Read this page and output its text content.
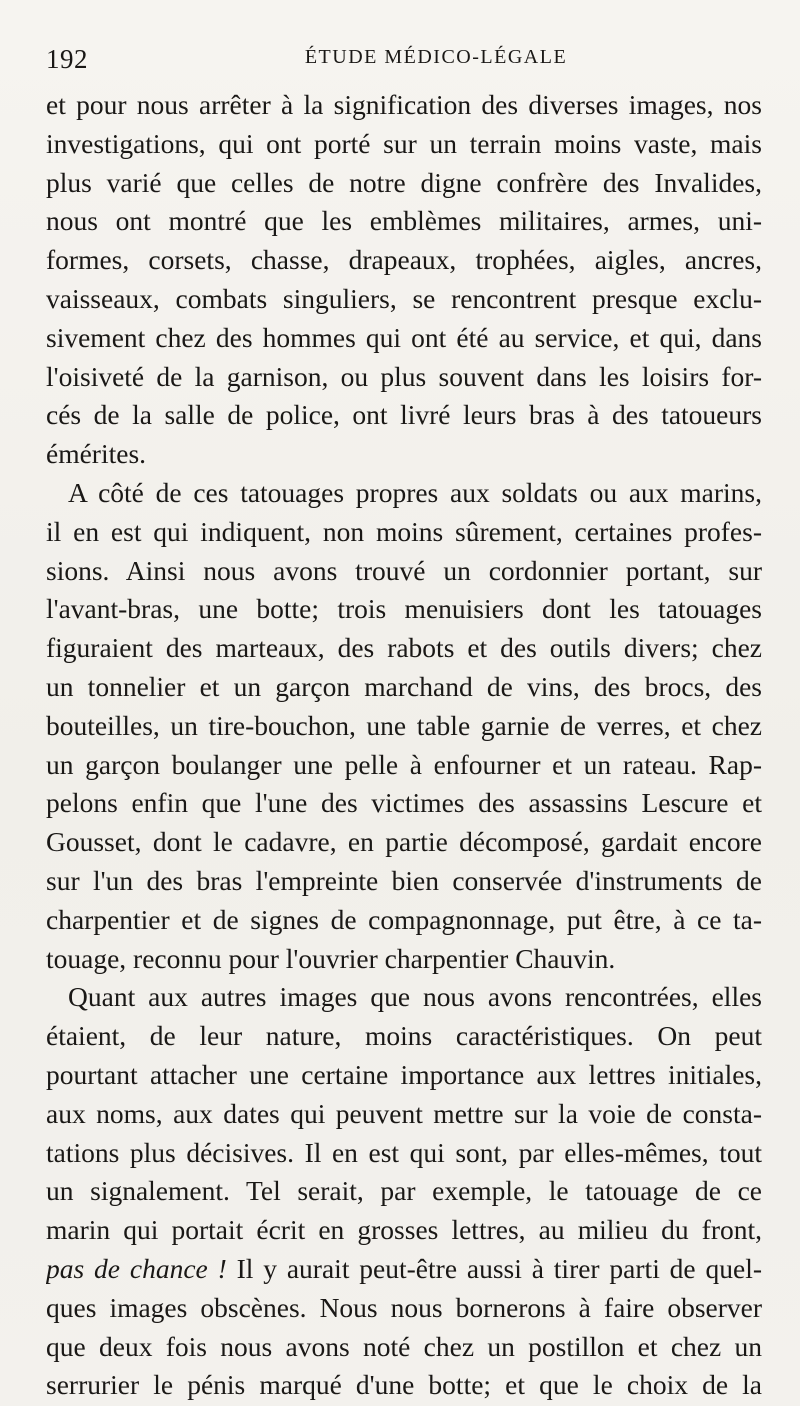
192	ÉTUDE MÉDICO-LÉGALE
et pour nous arrêter à la signification des diverses images, nos
investigations, qui ont porté sur un terrain moins vaste, mais
plus varié que celles de notre digne confrère des Invalides,
nous ont montré que les emblèmes militaires, armes, uni-
formes, corsets, chasse, drapeaux, trophées, aigles, ancres,
vaisseaux, combats singuliers, se rencontrent presque exclu-
sivement chez des hommes qui ont été au service, et qui, dans
l'oisiveté de la garnison, ou plus souvent dans les loisirs for-
cés de la salle de police, ont livré leurs bras à des tatoueurs
émérites.
A côté de ces tatouages propres aux soldats ou aux marins,
il en est qui indiquent, non moins sûrement, certaines profes-
sions. Ainsi nous avons trouvé un cordonnier portant, sur
l'avant-bras, une botte; trois menuisiers dont les tatouages
figuraient des marteaux, des rabots et des outils divers; chez
un tonnelier et un garçon marchand de vins, des brocs, des
bouteilles, un tire-bouchon, une table garnie de verres, et chez
un garçon boulanger une pelle à enfourner et un rateau. Rap-
pelons enfin que l'une des victimes des assassins Lescure et
Gousset, dont le cadavre, en partie décomposé, gardait encore
sur l'un des bras l'empreinte bien conservée d'instruments de
charpentier et de signes de compagnonnage, put être, à ce ta-
touage, reconnu pour l'ouvrier charpentier Chauvin.
Quant aux autres images que nous avons rencontrées, elles
étaient, de leur nature, moins caractéristiques. On peut
pourtant attacher une certaine importance aux lettres initiales,
aux noms, aux dates qui peuvent mettre sur la voie de consta-
tations plus décisives. Il en est qui sont, par elles-mêmes, tout
un signalement. Tel serait, par exemple, le tatouage de ce
marin qui portait écrit en grosses lettres, au milieu du front,
pas de chance ! Il y aurait peut-être aussi à tirer parti de quel-
ques images obscènes. Nous nous bornerons à faire observer
que deux fois nous avons noté chez un postillon et chez un
serrurier le pénis marqué d'une botte; et que le choix de la
